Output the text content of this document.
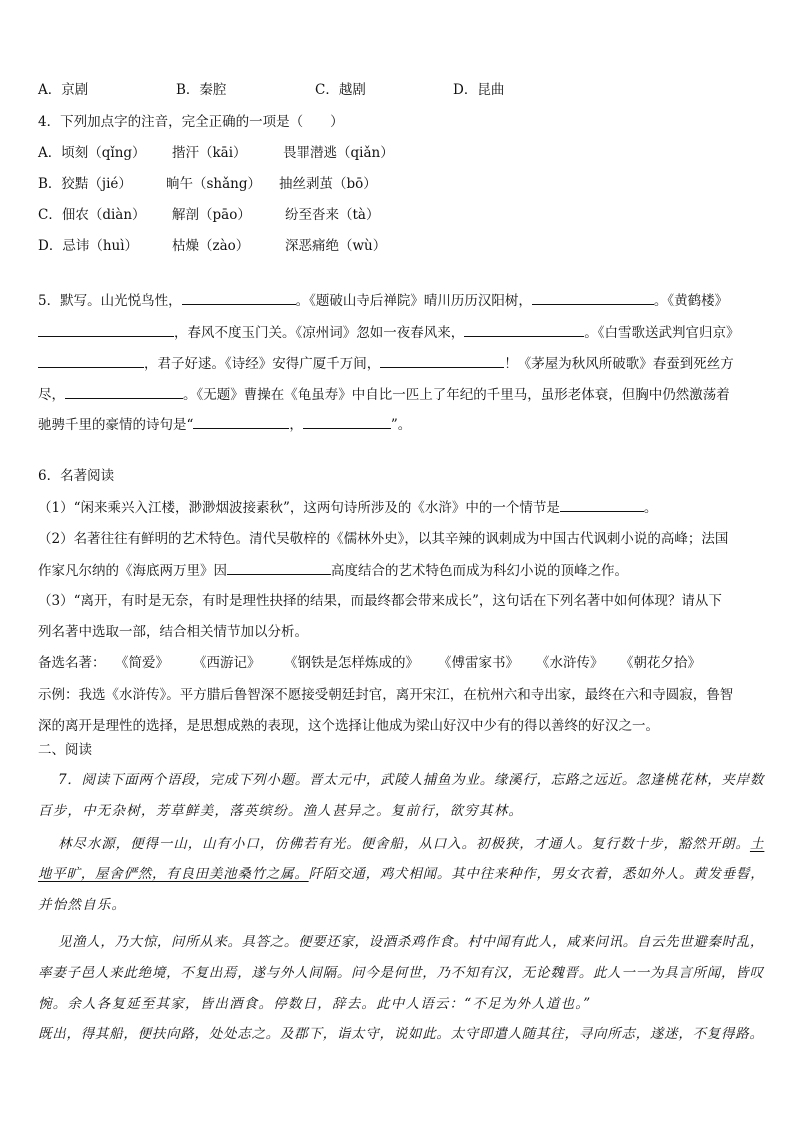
A．京剧	B．秦腔	C．越剧	D．昆曲
4．下列加点字的注音，完全正确的一项是（　　）
A．顷刻（qǐng） 揩汗（kāi）	畏罪潜逃（qiǎn）
B．狡黠（jié）	晌午（shǎng） 抽丝剥茧（bō）
C．佃农（diàn） 解剖（pāo）	纷至沓来（tà）
D．忌讳（huì）	枯燥（zào）	深恶痛绝（wù）
5．默写。山光悦鸟性，	。《题破山寺后禅院》晴川历历汉阳树，	。《黄鹤楼》
，春风不度玉门关。《凉州词》忽如一夜春风来，	。《白雪歌送武判官归京》
，君子好逑。《诗经》安得广厦千万间，	！《茅屋为秋风所破歌》春蚕到死丝方
尽，	。《无题》曹操在《龟虽寿》中自比一匹上了年纪的千里马，虽形老体衰，但胸中仍然激荡着
驰骋千里的豪情的诗句是“	，	”。
6．名著阅读
（1）“闲来乘兴入江楼，渺渺烟波接素秋”，这两句诗所涉及的《水浒》中的一个情节是	。
（2）名著往往有鲜明的艺术特色。清代吴敬梓的《儒林外史》，以其辛辣的讽刺成为中国古代讽刺小说的高峰；法国
作家凡尔纳的《海底两万里》因	高度结合的艺术特色而成为科幻小说的顶峰之作。
（3）“离开，有时是无奈，有时是理性抉择的结果，而最终都会带来成长”，这句话在下列名著中如何体现？请从下
列名著中选取一部，结合相关情节加以分析。
备选名著： 《简爱》 《西游记》 《钢铁是怎样炼成的》 《傅雷家书》 《水浒传》 《朝花夕拾》
示例：我选《水浒传》。平方腊后鲁智深不愿接受朝廷封官，离开宋江，在杭州六和寺出家，最终在六和寺圆寂，鲁智
深的离开是理性的选择，是思想成熟的表现，这个选择让他成为梁山好汉中少有的得以善终的好汉之一。
二、阅读
7．阅读下面两个语段，完成下列小题。晋太元中，武陵人捕鱼为业。缘溪行，忘路之远近。忽逢桃花林，夹岸数
百步，中无杂树，芳草鲜美，落英缤纷。渔人甚异之。复前行，欲穷其林。
林尽水源，便得一山，山有小口，仿佛若有光。便舍船，从口入。初极狭，才通人。复行数十步，豁然开朗。土
地平旷，屋舍俨然，有良田美池桑竹之属。阡陌交通，鸡犬相闻。其中往来种作，男女衣着，悉如外人。黄发垂髫，
并怡然自乐。
见渔人，乃大惊，问所从来。具答之。便要还家，设酒杀鸡作食。村中闻有此人，咸来问讯。自云先世避秦时乱，
率妻子邑人来此绝境，不复出焉，遂与外人间隔。问今是何世，乃不知有汉，无论魏晋。此人一一为具言所闻，皆叹
惋。余人各复延至其家，皆出酒食。停数日，辞去。此中人语云：“不足为外人道也。”
既出，得其船，便扶向路，处处志之。及郡下，诣太守，说如此。太守即遣人随其往，寻向所志，遂迷，不复得路。
